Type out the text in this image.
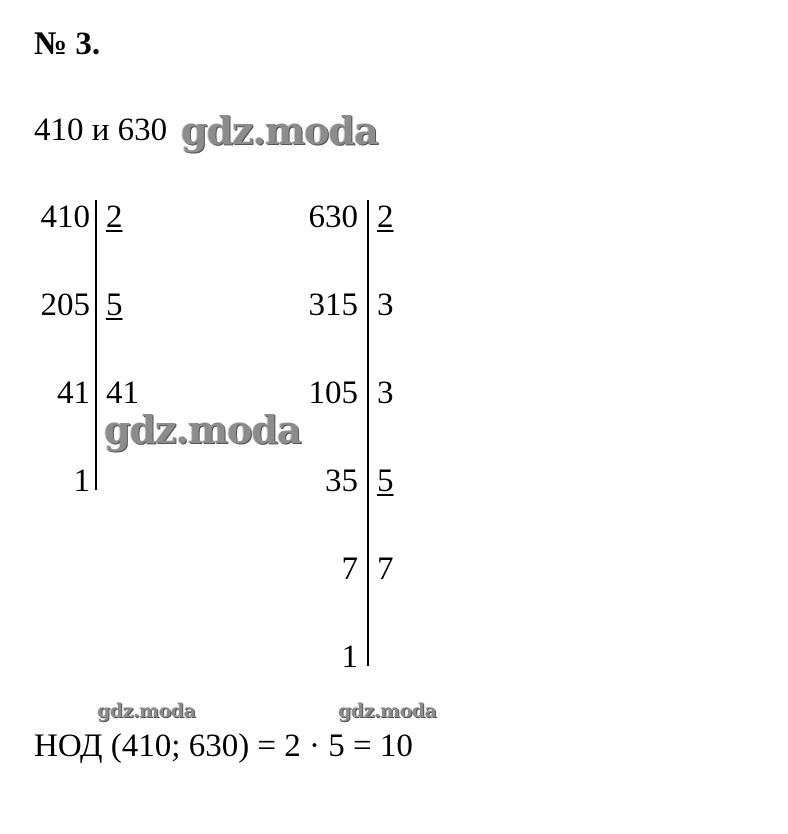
№ 3.
410 и 630 gdz.moda
410
205
41
1
2
5
41
gdz.moda
630
315
105
35
7
1
2
3
3
5
7
gdz.moda	gdz.moda
НОД (410; 630) = 2 · 5 = 10
